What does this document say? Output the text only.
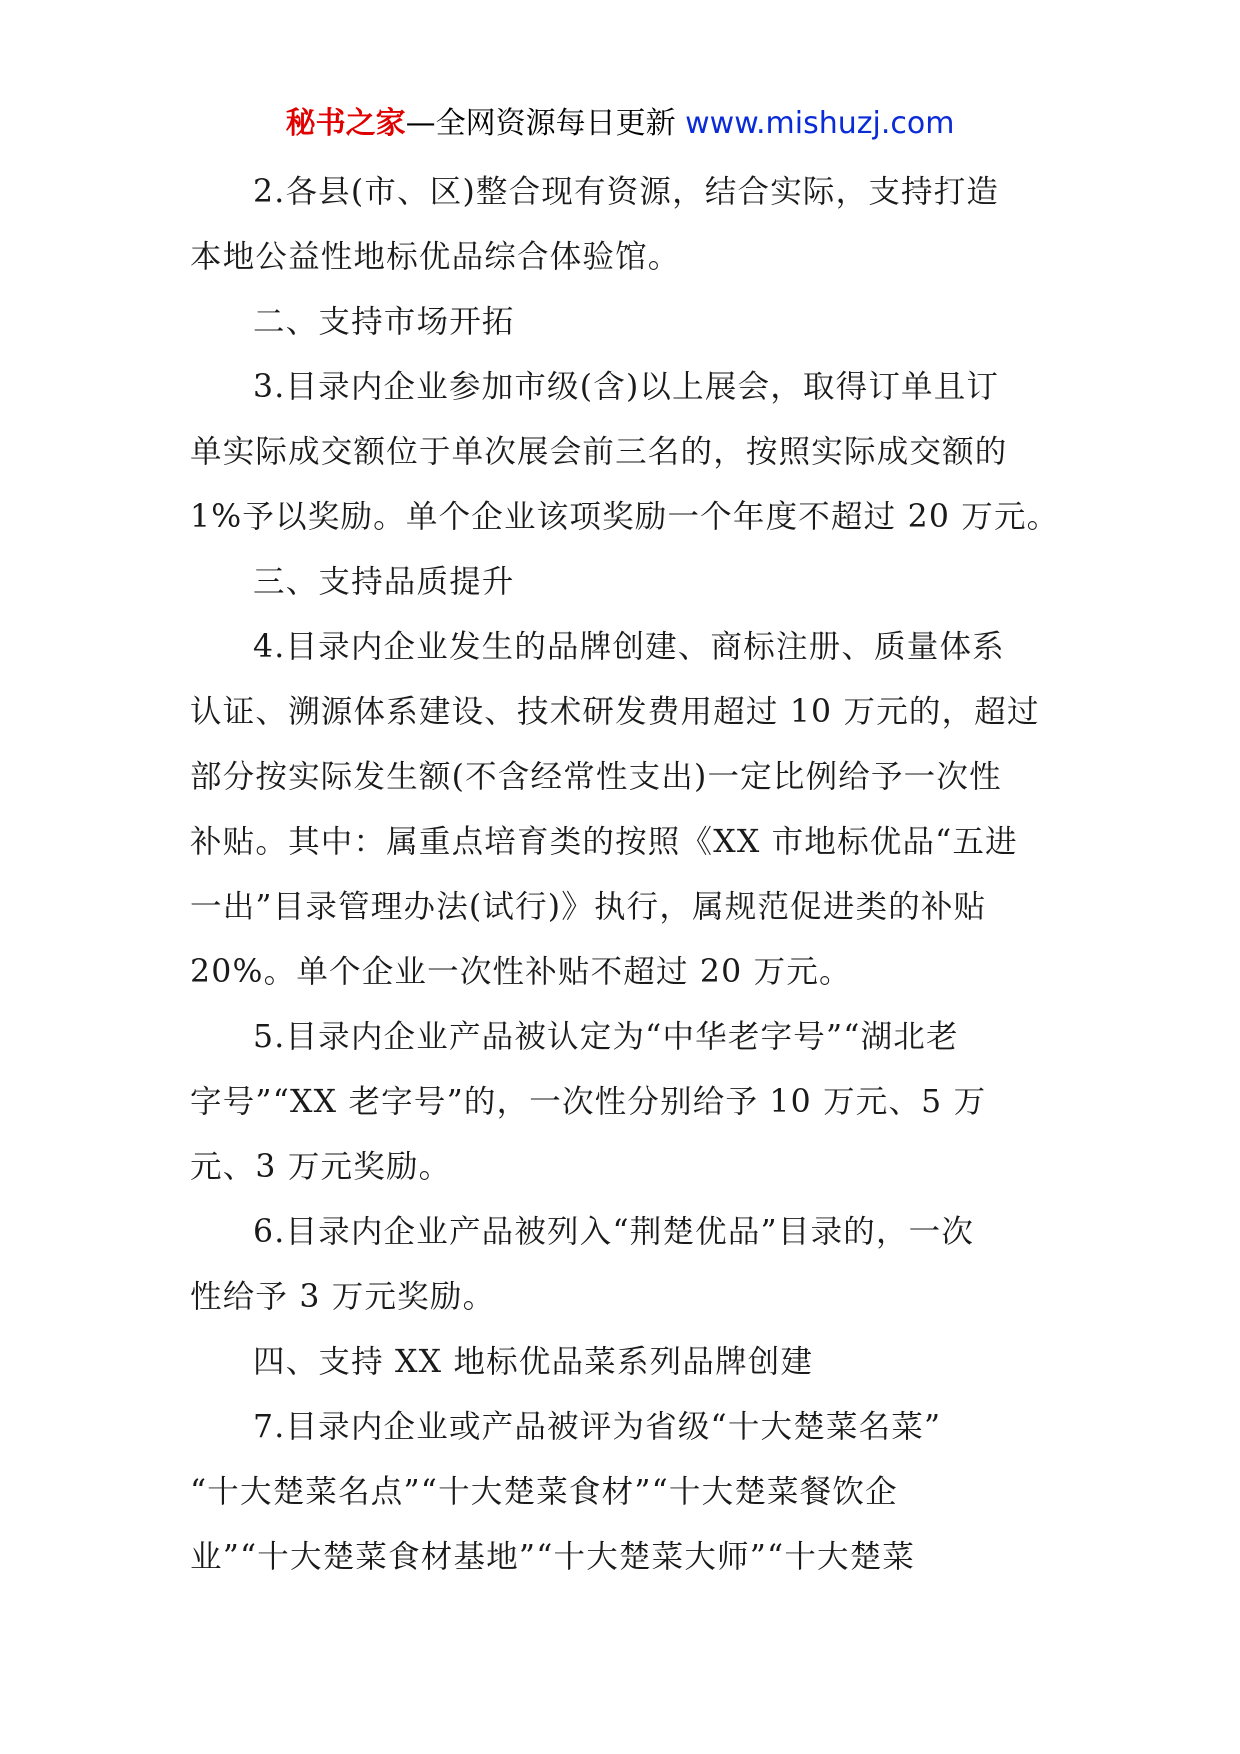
秘书之家—全网资源每日更新 www.mishuzj.com

2.各县(市、区)整合现有资源，结合实际，支持打造
本地公益性地标优品综合体验馆。
二、支持市场开拓
3.目录内企业参加市级(含)以上展会，取得订单且订
单实际成交额位于单次展会前三名的，按照实际成交额的
1%予以奖励。单个企业该项奖励一个年度不超过 20 万元。
三、支持品质提升
4.目录内企业发生的品牌创建、商标注册、质量体系
认证、溯源体系建设、技术研发费用超过 10 万元的，超过
部分按实际发生额(不含经常性支出)一定比例给予一次性
补贴。其中：属重点培育类的按照《XX 市地标优品“五进
一出”目录管理办法(试行)》执行，属规范促进类的补贴
20%。单个企业一次性补贴不超过 20 万元。
5.目录内企业产品被认定为“中华老字号”“湖北老
字号”“XX 老字号”的，一次性分别给予 10 万元、5 万
元、3 万元奖励。
6.目录内企业产品被列入“荆楚优品”目录的，一次
性给予 3 万元奖励。
四、支持 XX 地标优品菜系列品牌创建
7.目录内企业或产品被评为省级“十大楚菜名菜”
“十大楚菜名点”“十大楚菜食材”“十大楚菜餐饮企
业”“十大楚菜食材基地”“十大楚菜大师”“十大楚菜
